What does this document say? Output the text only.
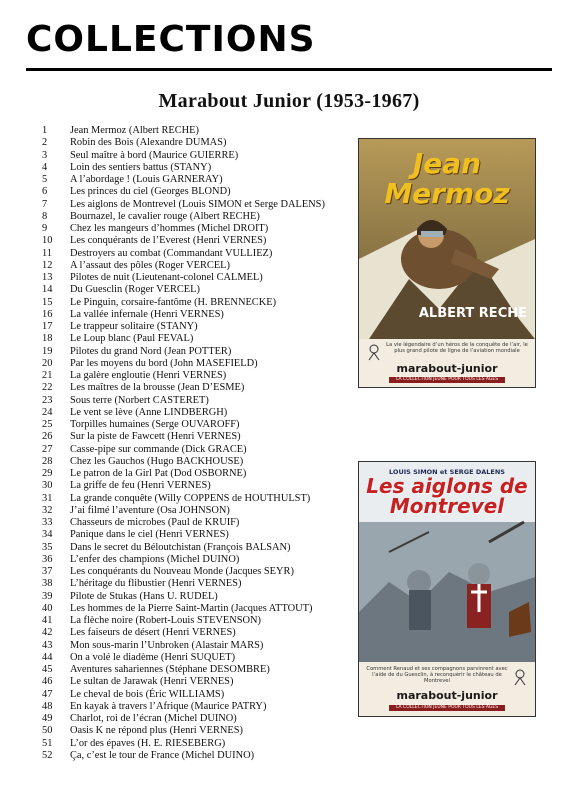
COLLECTIONS
Marabout Junior (1953-1967)
1	Jean Mermoz (Albert RECHE)
2	Robin des Bois (Alexandre DUMAS)
3	Seul maître à bord (Maurice GUIERRE)
4	Loin des sentiers battus (STANY)
5	A l’abordage ! (Louis GARNERAY)
6	Les princes du ciel (Georges BLOND)
7	Les aiglons de Montrevel (Louis SIMON et Serge DALENS)
8	Bournazel, le cavalier rouge (Albert RECHE)
9	Chez les mangeurs d’hommes (Michel DROIT)
10	Les conquérants de l’Everest (Henri VERNES)
11	Destroyers au combat (Commandant VULLIEZ)
12	A l’assaut des pôles (Roger VERCEL)
13	Pilotes de nuit (Lieutenant-colonel CALMEL)
14	Du Guesclin (Roger VERCEL)
15	Le Pinguin, corsaire-fantôme (H. BRENNECKE)
16	La vallée infernale (Henri VERNES)
17	Le trappeur solitaire (STANY)
18	Le Loup blanc (Paul FEVAL)
19	Pilotes du grand Nord (Jean POTTER)
20	Par les moyens du bord (John MASEFIELD)
21	La galère engloutie (Henri VERNES)
22	Les maîtres de la brousse (Jean D’ESME)
23	Sous terre (Norbert CASTERET)
24	Le vent se lève (Anne LINDBERGH)
25	Torpilles humaines (Serge OUVAROFF)
26	Sur la piste de Fawcett (Henri VERNES)
27	Casse-pipe sur commande (Dick GRACE)
28	Chez les Gauchos (Hugo BACKHOUSE)
29	Le patron de la Girl Pat (Dod OSBORNE)
30	La griffe de feu (Henri VERNES)
31	La grande conquête (Willy COPPENS de HOUTHULST)
32	J’ai filmé l’aventure (Osa JOHNSON)
33	Chasseurs de microbes (Paul de KRUIF)
34	Panique dans le ciel (Henri VERNES)
35	Dans le secret du Béloutchistan (François BALSAN)
36	L’enfer des champions (Michel DUINO)
37	Les conquérants du Nouveau Monde (Jacques SEYR)
38	L’héritage du flibustier (Henri VERNES)
39	Pilote de Stukas (Hans U. RUDEL)
40	Les hommes de la Pierre Saint-Martin (Jacques ATTOUT)
41	La flèche noire (Robert-Louis STEVENSON)
42	Les faiseurs de désert (Henri VERNES)
43	Mon sous-marin l’Unbroken (Alastair MARS)
44	On a volé le diadème (Henri SUQUET)
45	Aventures sahariennes (Stéphane DESOMBRE)
46	Le sultan de Jarawak (Henri VERNES)
47	Le cheval de bois (Éric WILLIAMS)
48	En kayak à travers l’Afrique (Maurice PATRY)
49	Charlot, roi de l’écran (Michel DUINO)
50	Oasis K ne répond plus (Henri VERNES)
51	L’or des épaves (H. E. RIESEBERG)
52	Ça, c’est le tour de France (Michel DUINO)
Jean Mermoz
ALBERT RECHE
La vie légendaire d’un héros de la conquête de l’air, le plus grand pilote de ligne de l’aviation mondiale
marabout-junior
LA COLLECTION JEUNE POUR TOUS LES ÂGES
LOUIS SIMON et SERGE DALENS
Les aiglons de Montrevel
Comment Renaud et ses compagnons parvinrent avec l’aide de du Guesclin, à reconquérir le château de Montrevel
marabout-junior
LA COLLECTION JEUNE POUR TOUS LES ÂGES
